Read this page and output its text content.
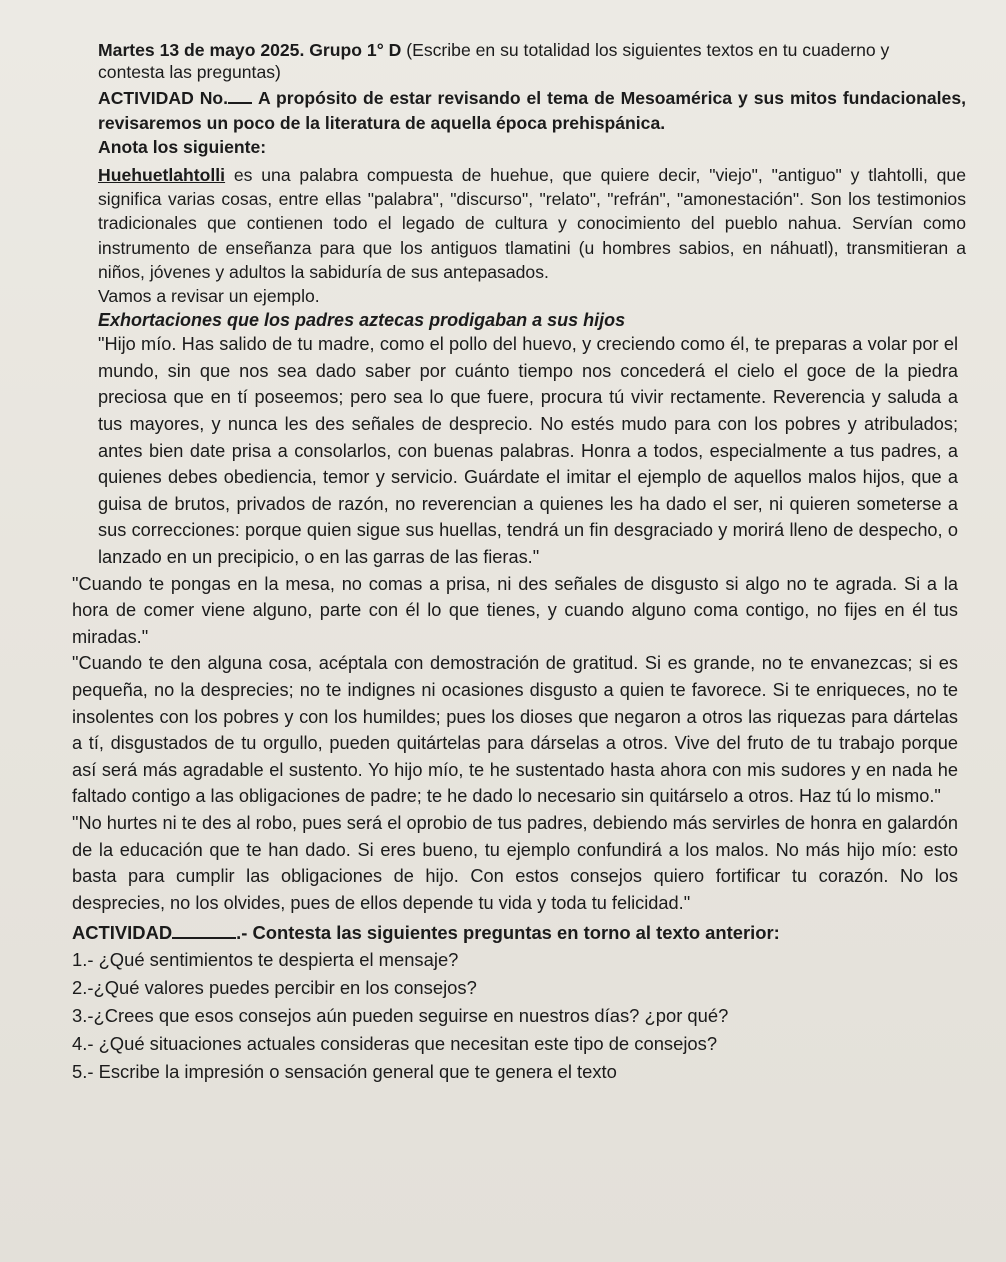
Martes 13 de mayo 2025. Grupo 1° D (Escribe en su totalidad los siguientes textos en tu cuaderno y
contesta las preguntas)

ACTIVIDAD No. A propósito de estar revisando el tema de Mesoamérica y sus mitos fundacionales, revisaremos un poco de la literatura de aquella época prehispánica.

Anota los siguiente:

Huehuetlahtolli es una palabra compuesta de huehue, que quiere decir, "viejo", "antiguo" y tlahtolli, que significa varias cosas, entre ellas "palabra", "discurso", "relato", "refrán", "amonestación". Son los testimonios tradicionales que contienen todo el legado de cultura y conocimiento del pueblo nahua. Servían como instrumento de enseñanza para que los antiguos tlamatini (u hombres sabios, en náhuatl), transmitieran a niños, jóvenes y adultos la sabiduría de sus antepasados.

Vamos a revisar un ejemplo.

Exhortaciones que los padres aztecas prodigaban a sus hijos

"Hijo mío. Has salido de tu madre, como el pollo del huevo, y creciendo como él, te preparas a volar por el mundo, sin que nos sea dado saber por cuánto tiempo nos concederá el cielo el goce de la piedra preciosa que en tí poseemos; pero sea lo que fuere, procura tú vivir rectamente. Reverencia y saluda a tus mayores, y nunca les des señales de desprecio. No estés mudo para con los pobres y atribulados; antes bien date prisa a consolarlos, con buenas palabras. Honra a todos, especialmente a tus padres, a quienes debes obediencia, temor y servicio. Guárdate el imitar el ejemplo de aquellos malos hijos, que a guisa de brutos, privados de razón, no reverencian a quienes les ha dado el ser, ni quieren someterse a sus correcciones: porque quien sigue sus huellas, tendrá un fin desgraciado y morirá lleno de despecho, o lanzado en un precipicio, o en las garras de las fieras."

"Cuando te pongas en la mesa, no comas a prisa, ni des señales de disgusto si algo no te agrada. Si a la hora de comer viene alguno, parte con él lo que tienes, y cuando alguno coma contigo, no fijes en él tus miradas."

"Cuando te den alguna cosa, acéptala con demostración de gratitud. Si es grande, no te envanezcas; si es pequeña, no la desprecies; no te indignes ni ocasiones disgusto a quien te favorece. Si te enriqueces, no te insolentes con los pobres y con los humildes; pues los dioses que negaron a otros las riquezas para dártelas a tí, disgustados de tu orgullo, pueden quitártelas para dárselas a otros. Vive del fruto de tu trabajo porque así será más agradable el sustento. Yo hijo mío, te he sustentado hasta ahora con mis sudores y en nada he faltado contigo a las obligaciones de padre; te he dado lo necesario sin quitárselo a otros. Haz tú lo mismo."

"No hurtes ni te des al robo, pues será el oprobio de tus padres, debiendo más servirles de honra en galardón de la educación que te han dado. Si eres bueno, tu ejemplo confundirá a los malos. No más hijo mío: esto basta para cumplir las obligaciones de hijo. Con estos consejos quiero fortificar tu corazón. No los desprecies, no los olvides, pues de ellos depende tu vida y toda tu felicidad."

ACTIVIDAD	.- Contesta las siguientes preguntas en torno al texto anterior:

1.- ¿Qué sentimientos te despierta el mensaje?
2.-¿Qué valores puedes percibir en los consejos?
3.-¿Crees que esos consejos aún pueden seguirse en nuestros días? ¿por qué?
4.- ¿Qué situaciones actuales consideras que necesitan este tipo de consejos?
5.- Escribe la impresión o sensación general que te genera el texto
